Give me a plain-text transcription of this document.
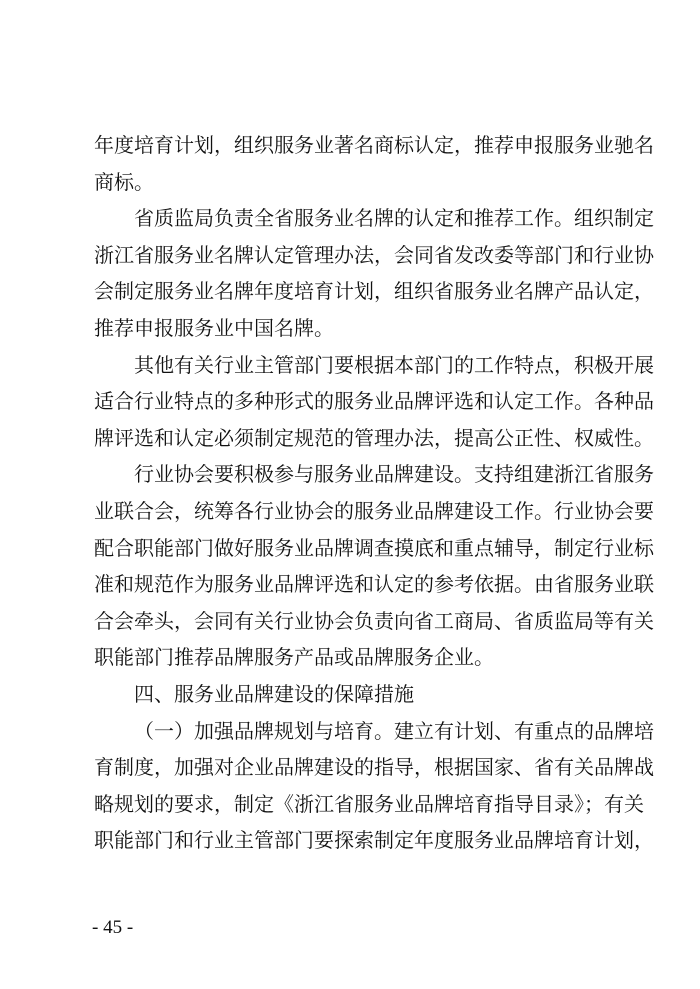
年度培育计划，组织服务业著名商标认定，推荐申报服务业驰名
商标。
省质监局负责全省服务业名牌的认定和推荐工作。组织制定
浙江省服务业名牌认定管理办法，会同省发改委等部门和行业协
会制定服务业名牌年度培育计划，组织省服务业名牌产品认定，
推荐申报服务业中国名牌。
其他有关行业主管部门要根据本部门的工作特点，积极开展
适合行业特点的多种形式的服务业品牌评选和认定工作。各种品
牌评选和认定必须制定规范的管理办法，提高公正性、权威性。
行业协会要积极参与服务业品牌建设。支持组建浙江省服务
业联合会，统筹各行业协会的服务业品牌建设工作。行业协会要
配合职能部门做好服务业品牌调查摸底和重点辅导，制定行业标
准和规范作为服务业品牌评选和认定的参考依据。由省服务业联
合会牵头，会同有关行业协会负责向省工商局、省质监局等有关
职能部门推荐品牌服务产品或品牌服务企业。
四、服务业品牌建设的保障措施
（一）加强品牌规划与培育。建立有计划、有重点的品牌培
育制度，加强对企业品牌建设的指导，根据国家、省有关品牌战
略规划的要求，制定《浙江省服务业品牌培育指导目录》；有关
职能部门和行业主管部门要探索制定年度服务业品牌培育计划，
- 45 -
